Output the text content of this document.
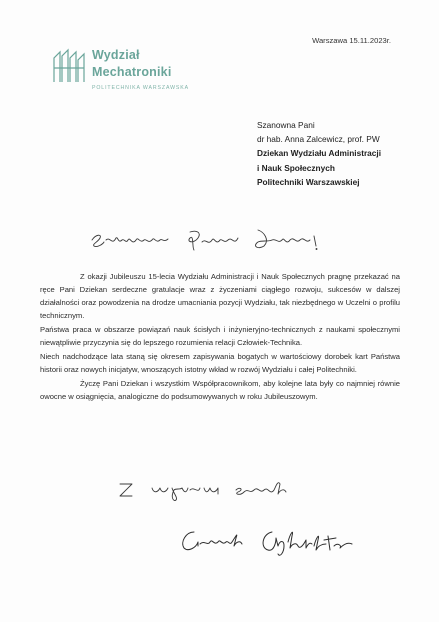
Wydział
Mechatroniki
POLITECHNIKA WARSZAWSKA
Warszawa 15.11.2023r.
Szanowna Pani
dr hab. Anna Zalcewicz, prof. PW
Dziekan Wydziału Administracji
i Nauk Społecznych
Politechniki Warszawskiej

Z okazji Jubileuszu 15-lecia Wydziału Administracji i Nauk Społecznych pragnę przekazać na ręce Pani Dziekan serdeczne gratulacje wraz z życzeniami ciągłego rozwoju, sukcesów w dalszej działalności oraz powodzenia na drodze umacniania pozycji Wydziału, tak niezbędnego w Uczelni o profilu technicznym.

Państwa praca w obszarze powiązań nauk ścisłych i inżynieryjno-technicznych z naukami społecznymi niewątpliwie przyczynia się do lepszego rozumienia relacji Człowiek-Technika.

Niech nadchodzące lata staną się okresem zapisywania bogatych w wartościowy dorobek kart Państwa historii oraz nowych inicjatyw, wnoszących istotny wkład w rozwój Wydziału i całej Politechniki.

Życzę Pani Dziekan i wszystkim Współpracownikom, aby kolejne lata były co najmniej równie owocne w osiągnięcia, analogiczne do podsumowywanych w roku Jubileuszowym.
